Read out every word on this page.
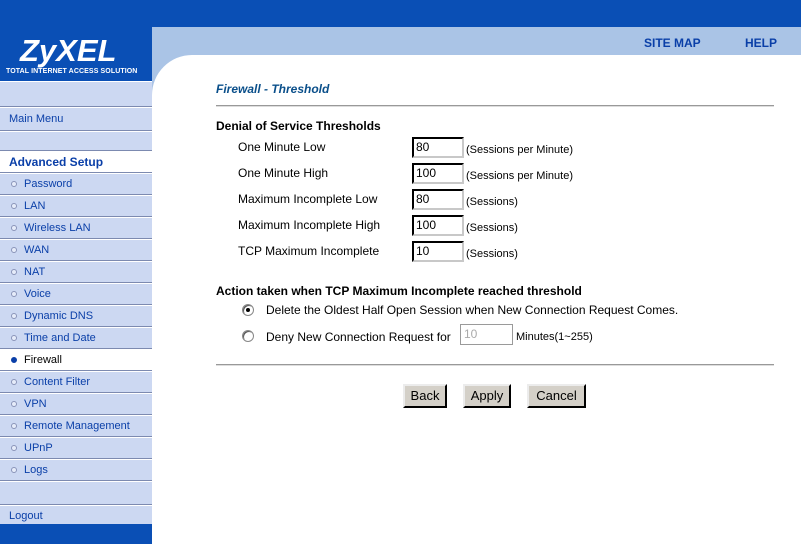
ZyXEL
TOTAL INTERNET ACCESS SOLUTION
SITE MAP	HELP
Main Menu
Advanced Setup
Password
LAN
Wireless LAN
WAN
NAT
Voice
Dynamic DNS
Time and Date
Firewall
Content Filter
VPN
Remote Management
UPnP
Logs
Logout
Firewall - Threshold
Denial of Service Thresholds
One Minute Low	80	(Sessions per Minute)
One Minute High	100	(Sessions per Minute)
Maximum Incomplete Low	80	(Sessions)
Maximum Incomplete High	100	(Sessions)
TCP Maximum Incomplete	10	(Sessions)
Action taken when TCP Maximum Incomplete reached threshold
Delete the Oldest Half Open Session when New Connection Request Comes.
Deny New Connection Request for	10	Minutes(1~255)
Back	Apply	Cancel
